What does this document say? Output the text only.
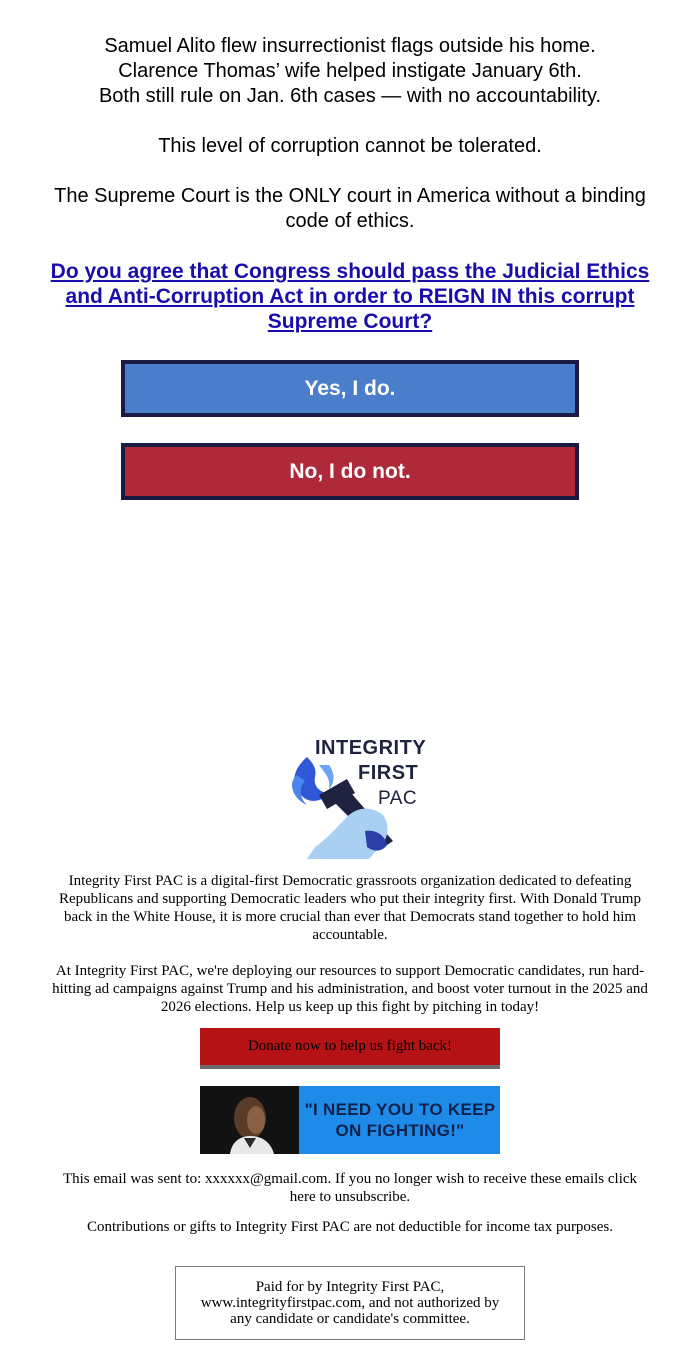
Samuel Alito flew insurrectionist flags outside his home.

Clarence Thomas’ wife helped instigate January 6th.

Both still rule on Jan. 6th cases — with no accountability.

This level of corruption cannot be tolerated.

The Supreme Court is the ONLY court in America without a binding code of ethics.

Do you agree that Congress should pass the Judicial Ethics and Anti-Corruption Act in order to REIGN IN this corrupt Supreme Court?
Yes, I do.
No, I do not.
INTEGRITY
FIRST
PAC

Integrity First PAC is a digital-first Democratic grassroots organization dedicated to defeating Republicans and supporting Democratic leaders who put their integrity first. With Donald Trump back in the White House, it is more crucial than ever that Democrats stand together to hold him accountable.

At Integrity First PAC, we're deploying our resources to support Democratic candidates, run hard-hitting ad campaigns against Trump and his administration, and boost voter turnout in the 2025 and 2026 elections. Help us keep up this fight by pitching in today!

Donate now to help us fight back!
"I NEED YOU TO KEEP ON FIGHTING!"
This email was sent to: xxxxxx@gmail.com. If you no longer wish to receive these emails click here to unsubscribe.
Contributions or gifts to Integrity First PAC are not deductible for income tax purposes.
Paid for by Integrity First PAC, www.integrityfirstpac.com, and not authorized by any candidate or candidate's committee.
